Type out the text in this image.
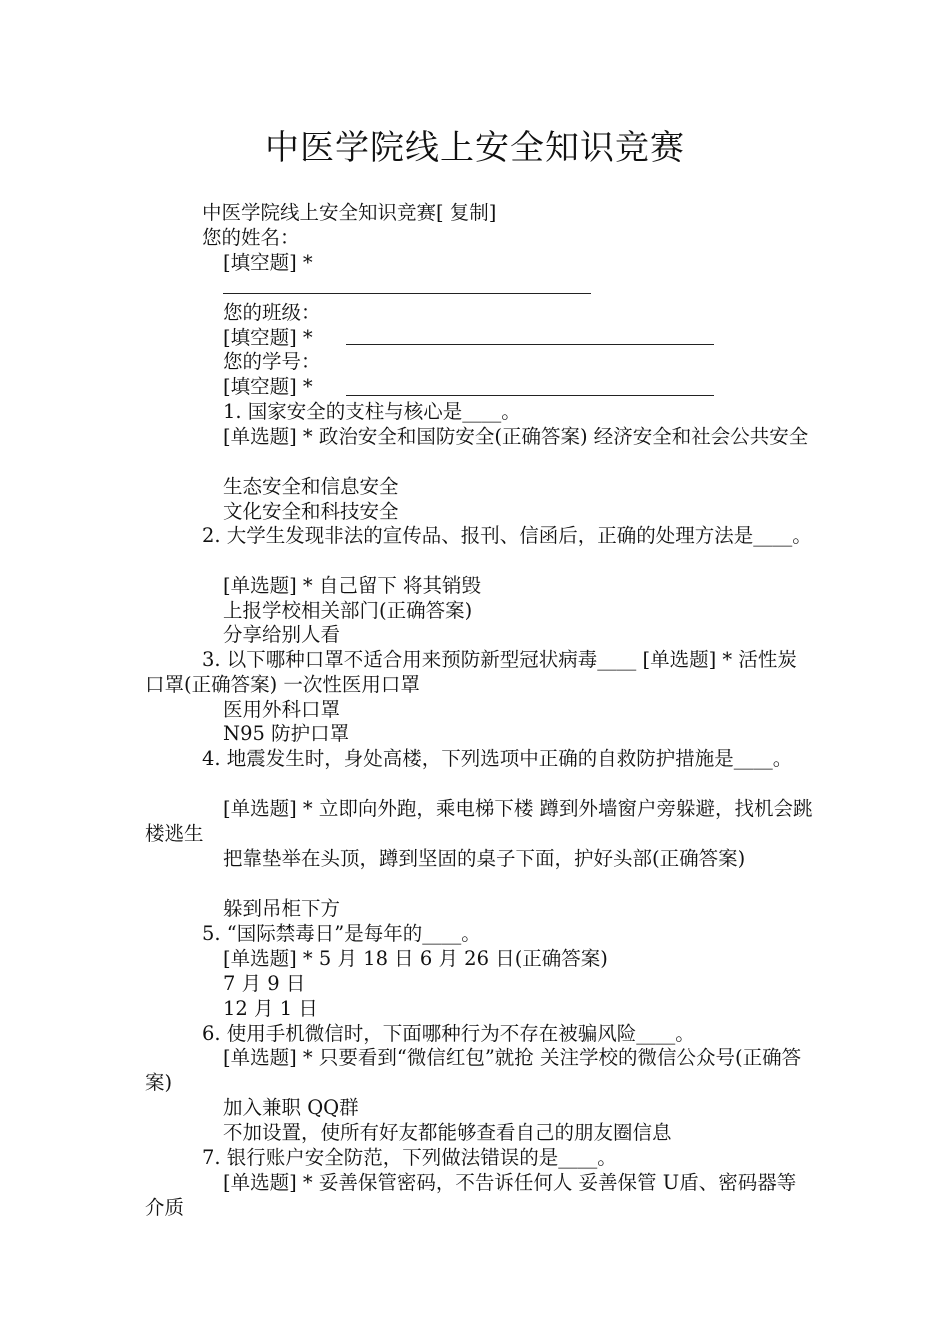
中医学院线上安全知识竞赛
中医学院线上安全知识竞赛[ 复制]
您的姓名：
[填空题] *
您的班级：
[填空题] *
您的学号：
[填空题] *
1. 国家安全的支柱与核心是____。
[单选题] * 政治安全和国防安全(正确答案) 经济安全和社会公共安全
生态安全和信息安全
文化安全和科技安全
2. 大学生发现非法的宣传品、报刊、信函后，正确的处理方法是____。
[单选题] * 自己留下 将其销毁
上报学校相关部门(正确答案)
分享给别人看
3. 以下哪种口罩不适合用来预防新型冠状病毒____ [单选题] * 活性炭口罩(正确答案) 一次性医用口罩
医用外科口罩
N95 防护口罩
4. 地震发生时，身处高楼，下列选项中正确的自救防护措施是____。
[单选题] * 立即向外跑，乘电梯下楼 蹲到外墙窗户旁躲避，找机会跳楼逃生
把靠垫举在头顶，蹲到坚固的桌子下面，护好头部(正确答案)
躲到吊柜下方
5. “国际禁毒日”是每年的____。
[单选题] * 5 月 18 日 6 月 26 日(正确答案)
7 月 9 日
12 月 1 日
6. 使用手机微信时，下面哪种行为不存在被骗风险____。
[单选题] * 只要看到“微信红包”就抢 关注学校的微信公众号(正确答案)
加入兼职 QQ群
不加设置，使所有好友都能够查看自己的朋友圈信息
7. 银行账户安全防范，下列做法错误的是____。
[单选题] * 妥善保管密码，不告诉任何人 妥善保管 U盾、密码器等介质
